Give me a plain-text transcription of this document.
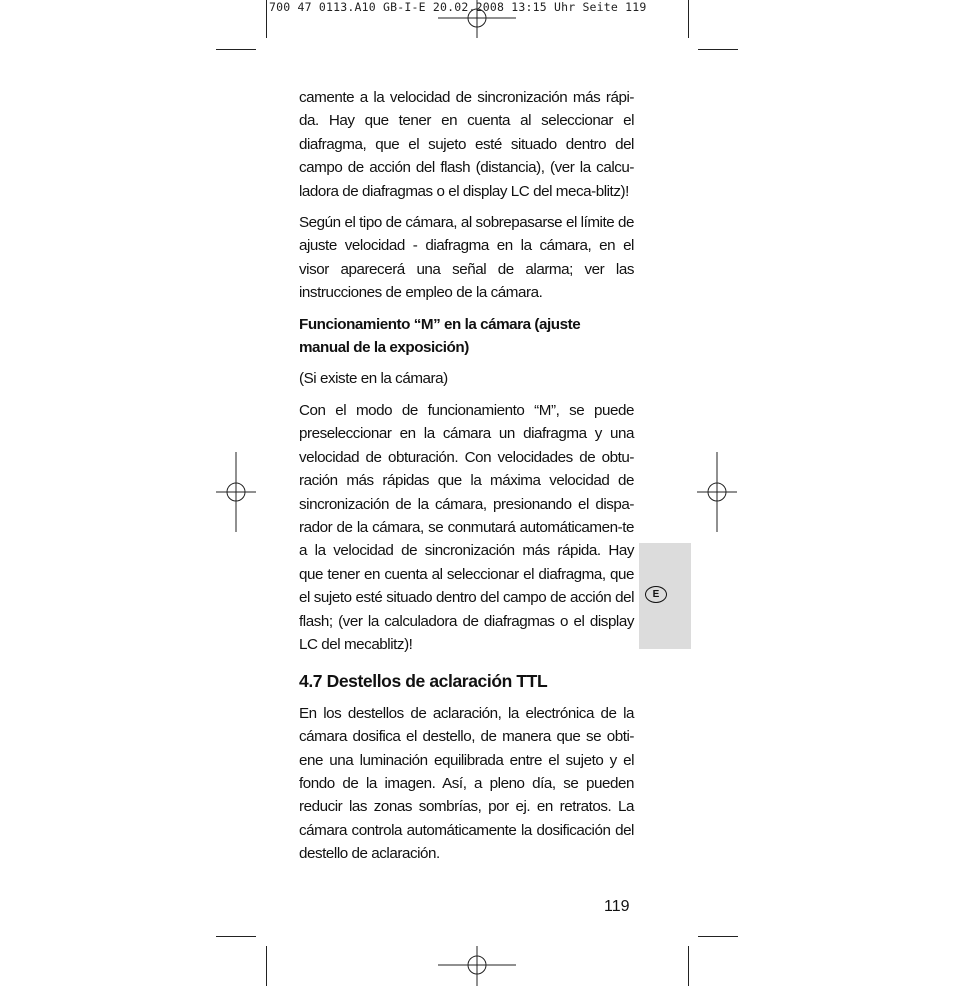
700 47 0113.A10 GB-I-E 20.02.2008 13:15 Uhr Seite 119

camente a la velocidad de sincronización más rápi-da. Hay que tener en cuenta al seleccionar el diafragma, que el sujeto esté situado dentro del campo de acción del flash (distancia), (ver la calcu-ladora de diafragmas o el display LC del meca-blitz)!

Según el tipo de cámara, al sobrepasarse el límite de ajuste velocidad - diafragma en la cámara, en el visor aparecerá una señal de alarma; ver las instrucciones de empleo de la cámara.

Funcionamiento “M” en la cámara (ajuste manual de la exposición)

(Si existe en la cámara)

Con el modo de funcionamiento “M”, se puede preseleccionar en la cámara un diafragma y una velocidad de obturación. Con velocidades de obtu-ración más rápidas que la máxima velocidad de sincronización de la cámara, presionando el dispa-rador de la cámara, se conmutará automáticamen-te a la velocidad de sincronización más rápida. Hay que tener en cuenta al seleccionar el diafragma, que el sujeto esté situado dentro del campo de acción del flash; (ver la calculadora de diafragmas o el display LC del mecablitz)!

4.7 Destellos de aclaración TTL

En los destellos de aclaración, la electrónica de la cámara dosifica el destello, de manera que se obti-ene una luminación equilibrada entre el sujeto y el fondo de la imagen. Así, a pleno día, se pueden reducir las zonas sombrías, por ej. en retratos. La cámara controla automáticamente la dosificación del destello de aclaración.

E
119
